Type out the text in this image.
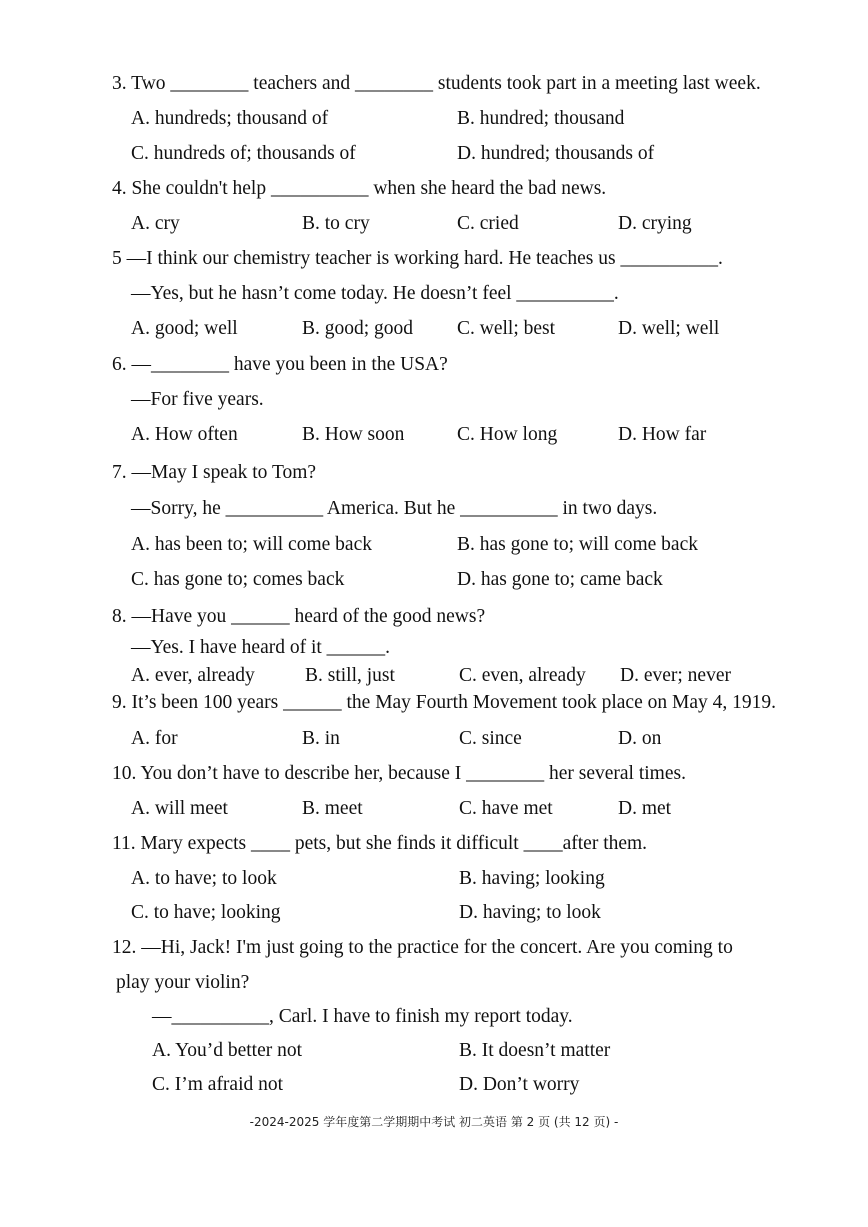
3. Two ________ teachers and ________ students took part in a meeting last week.
A. hundreds; thousand of	B. hundred; thousand
C. hundreds of; thousands of	D. hundred; thousands of
4. She couldn't help __________ when she heard the bad news.
A. cry	B. to cry	C. cried	D. crying
5 —I think our chemistry teacher is working hard. He teaches us __________.
—Yes, but he hasn’t come today. He doesn’t feel __________.
A. good; well	B. good; good C. well; best	D. well; well
6. —________ have you been in the USA?
—For five years.
A. How often	B. How soon	C. How long	D. How far
7. —May I speak to Tom?
—Sorry, he __________ America. But he __________ in two days.
A. has been to; will come back	B. has gone to; will come back
C. has gone to; comes back	D. has gone to; came back
8. —Have you ______ heard of the good news?
—Yes. I have heard of it ______.
A. ever, already	B. still, just	C. even, already D. ever; never
9. It’s been 100 years ______ the May Fourth Movement took place on May 4, 1919.
A. for	B. in	C. since	D. on
10. You don’t have to describe her, because I ________ her several times.
A. will meet	B. meet	C. have met	D. met
11. Mary expects ____ pets, but she finds it difficult ____after them.
A. to have; to look	B. having; looking
C. to have; looking	D. having; to look
12. —Hi, Jack! I'm just going to the practice for the concert. Are you coming to
play your violin?
—__________, Carl. I have to finish my report today.
A. You’d better not	B. It doesn’t matter
C. I’m afraid not	D. Don’t worry
-2024-2025 学年度第二学期期中考试 初二英语 第 2 页 (共 12 页) -
